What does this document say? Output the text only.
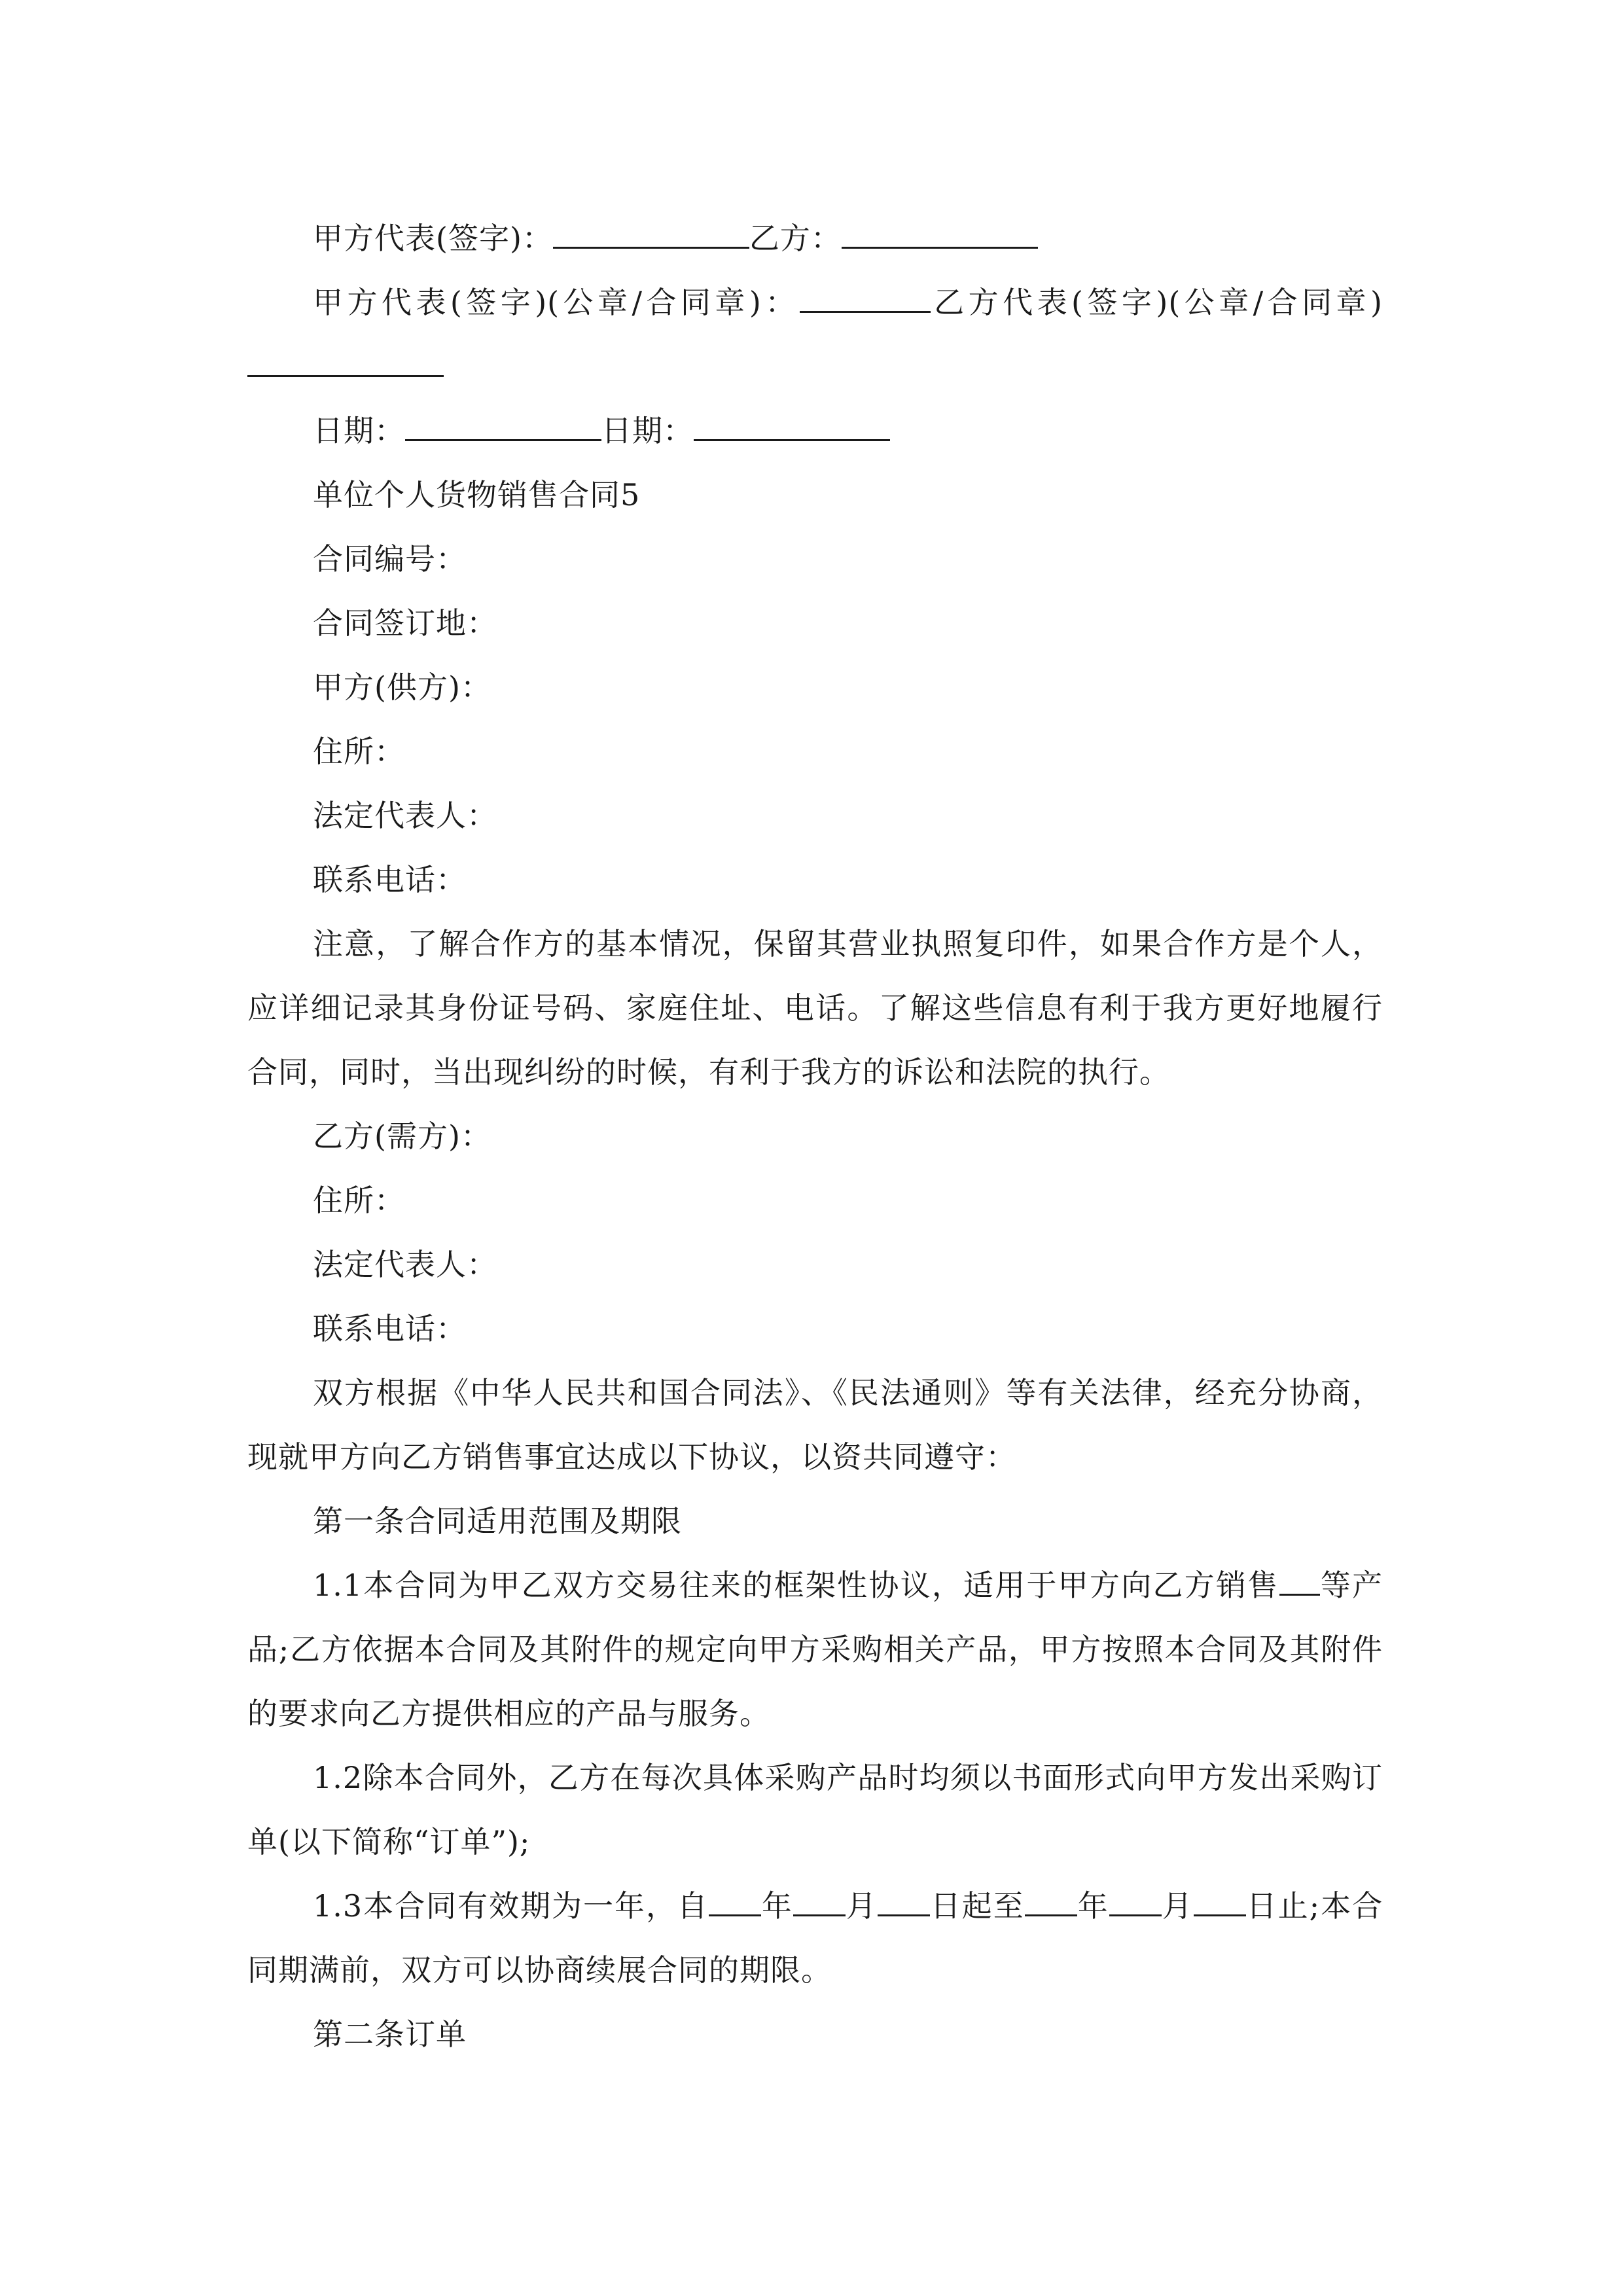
甲方代表(签字)：	乙方：

甲方代表(签字)(公章/合同章)：	乙方代表(签字)(公章/合同章)

日期：	日期：

单位个人货物销售合同5

合同编号：

合同签订地：

甲方(供方)：

住所：

法定代表人：

联系电话：

注意，了解合作方的基本情况，保留其营业执照复印件，如果合作方是个人，应详细记录其身份证号码、家庭住址、电话。了解这些信息有利于我方更好地履行合同，同时，当出现纠纷的时候，有利于我方的诉讼和法院的执行。

乙方(需方)：

住所：

法定代表人：

联系电话：

双方根据《中华人民共和国合同法》、《民法通则》等有关法律，经充分协商，现就甲方向乙方销售事宜达成以下协议，以资共同遵守：

第一条合同适用范围及期限

1.1本合同为甲乙双方交易往来的框架性协议，适用于甲方向乙方销售 等产品;乙方依据本合同及其附件的规定向甲方采购相关产品，甲方按照本合同及其附件的要求向乙方提供相应的产品与服务。

1.2除本合同外，乙方在每次具体采购产品时均须以书面形式向甲方发出采购订单(以下简称“订单”);

1.3本合同有效期为一年，自 年 月 日起至 年 月 日止;本合同期满前，双方可以协商续展合同的期限。

第二条订单
